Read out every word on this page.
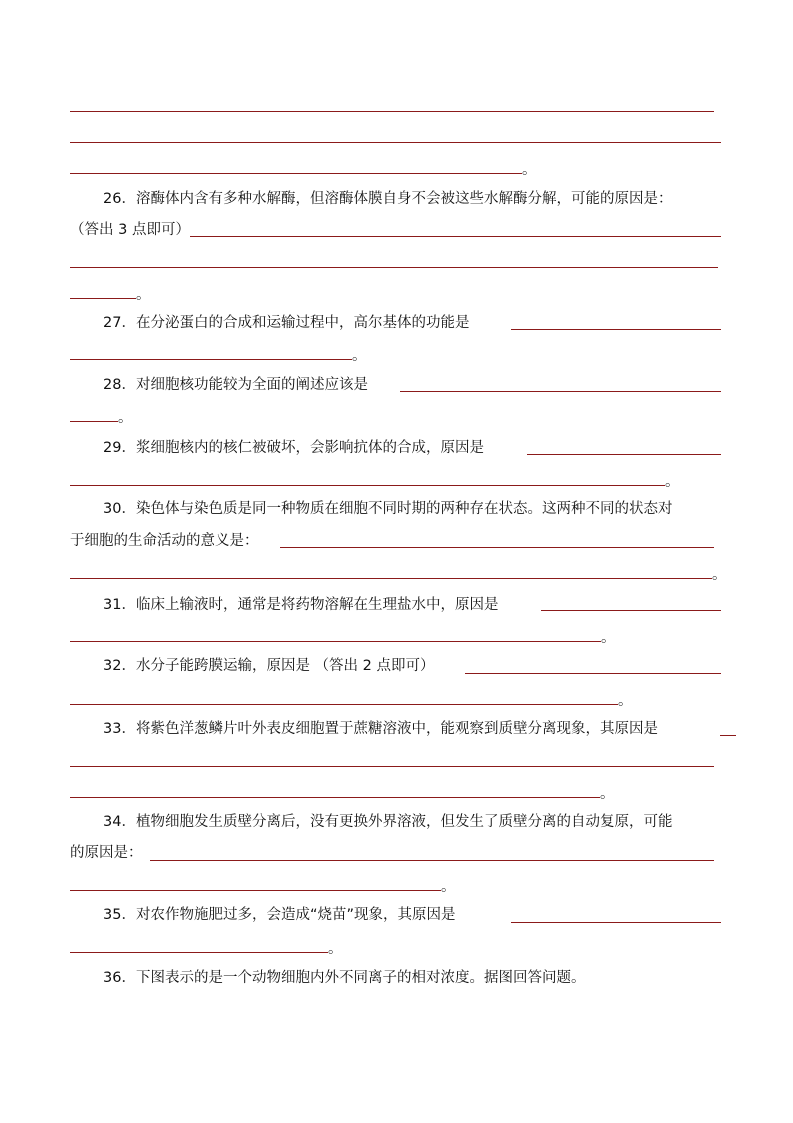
。
26．溶酶体内含有多种水解酶，但溶酶体膜自身不会被这些水解酶分解，可能的原因是：
（答出 3 点即可）
。
27．在分泌蛋白的合成和运输过程中，高尔基体的功能是
。
28．对细胞核功能较为全面的阐述应该是
。
29．浆细胞核内的核仁被破坏，会影响抗体的合成，原因是
。
30．染色体与染色质是同一种物质在细胞不同时期的两种存在状态。这两种不同的状态对
于细胞的生命活动的意义是：
。
31．临床上输液时，通常是将药物溶解在生理盐水中，原因是
。
32．水分子能跨膜运输，原因是 （答出 2 点即可）
。
33．将紫色洋葱鳞片叶外表皮细胞置于蔗糖溶液中，能观察到质壁分离现象，其原因是
。
34．植物细胞发生质壁分离后，没有更换外界溶液，但发生了质壁分离的自动复原，可能
的原因是：
。
35．对农作物施肥过多，会造成“烧苗”现象，其原因是
。
36．下图表示的是一个动物细胞内外不同离子的相对浓度。据图回答问题。
